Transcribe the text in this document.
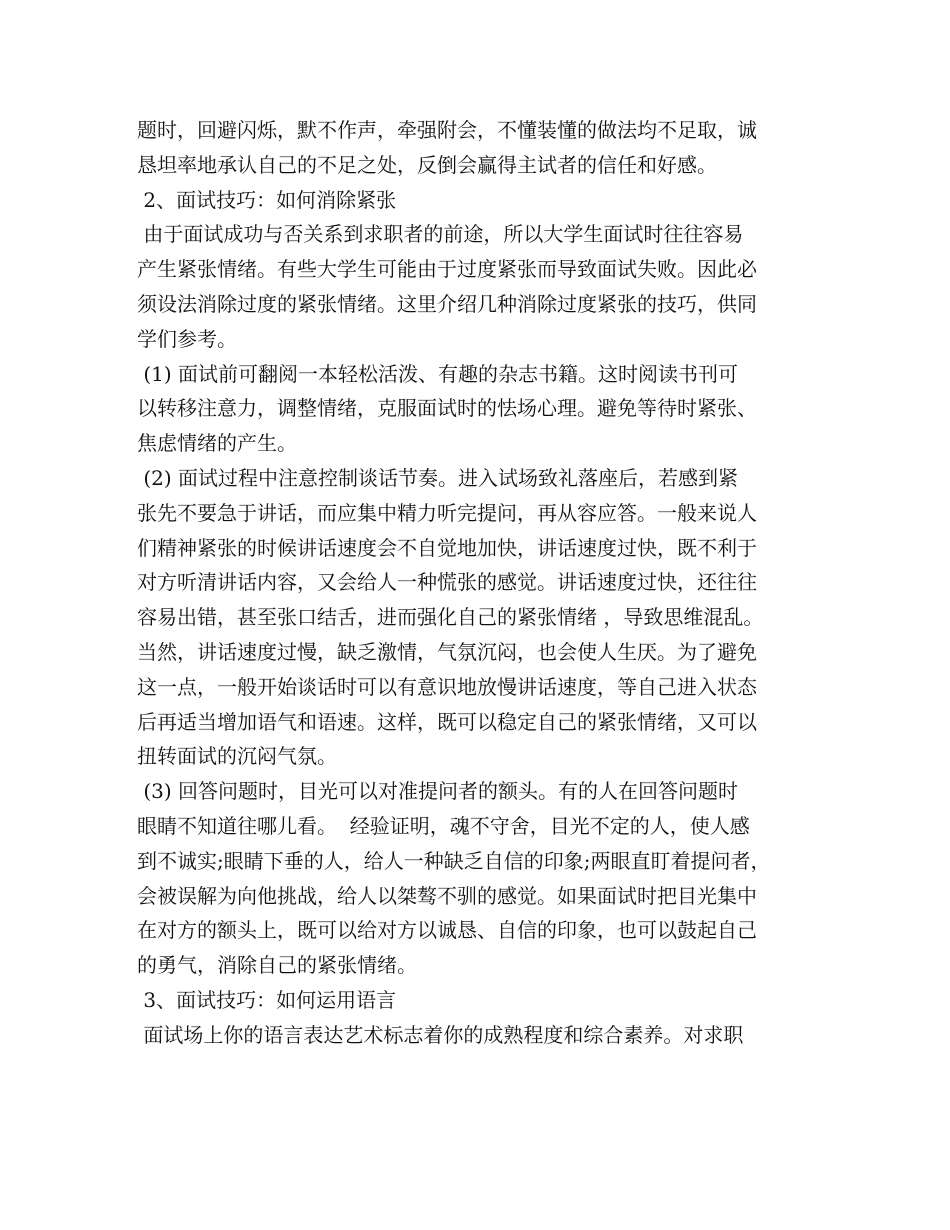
题时，回避闪烁，默不作声，牵强附会，不懂装懂的做法均不足取，诚
恳坦率地承认自己的不足之处，反倒会赢得主试者的信任和好感。
2、面试技巧：如何消除紧张
由于面试成功与否关系到求职者的前途，所以大学生面试时往往容易
产生紧张情绪。有些大学生可能由于过度紧张而导致面试失败。因此必
须设法消除过度的紧张情绪。这里介绍几种消除过度紧张的技巧，供同
学们参考。
(1) 面试前可翻阅一本轻松活泼、有趣的杂志书籍。这时阅读书刊可
以转移注意力，调整情绪，克服面试时的怯场心理。避免等待时紧张、
焦虑情绪的产生。
(2) 面试过程中注意控制谈话节奏。进入试场致礼落座后，若感到紧
张先不要急于讲话，而应集中精力听完提问，再从容应答。一般来说人
们精神紧张的时候讲话速度会不自觉地加快，讲话速度过快，既不利于
对方听清讲话内容，又会给人一种慌张的感觉。讲话速度过快，还往往
容易出错，甚至张口结舌，进而强化自己的紧张情绪 ，导致思维混乱。
当然，讲话速度过慢，缺乏激情，气氛沉闷，也会使人生厌。为了避免
这一点，一般开始谈话时可以有意识地放慢讲话速度，等自己进入状态
后再适当增加语气和语速。这样，既可以稳定自己的紧张情绪，又可以
扭转面试的沉闷气氛。
(3) 回答问题时，目光可以对准提问者的额头。有的人在回答问题时
眼睛不知道往哪儿看。  经验证明，魂不守舍，目光不定的人，使人感
到不诚实;眼睛下垂的人，给人一种缺乏自信的印象;两眼直盯着提问者，
会被误解为向他挑战，给人以桀骜不驯的感觉。如果面试时把目光集中
在对方的额头上，既可以给对方以诚恳、自信的印象，也可以鼓起自己
的勇气，消除自己的紧张情绪。
3、面试技巧：如何运用语言
面试场上你的语言表达艺术标志着你的成熟程度和综合素养。对求职
